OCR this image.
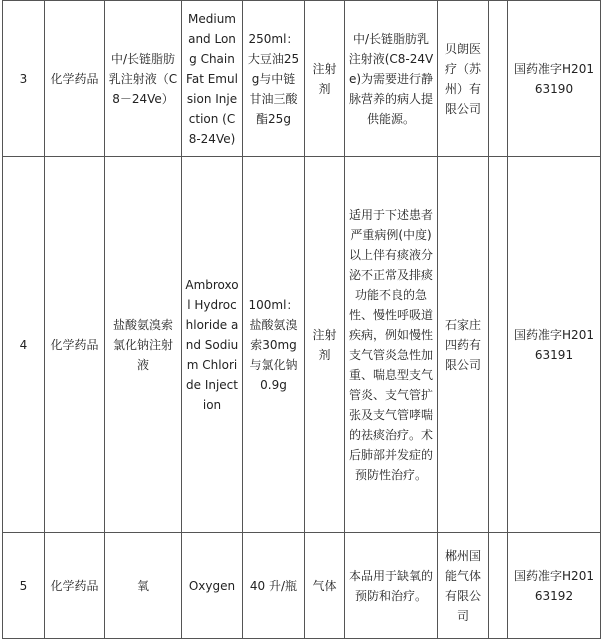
3	化学药品	中/长链脂肪乳注射液（C8－24Ve）	Medium and Long Chain Fat Emulsion Injection (C8-24Ve)	250ml：大豆油25g与中链甘油三酸酯25g	注射剂	中/长链脂肪乳注射液(C8-24Ve)为需要进行静脉营养的病人提供能源。	贝朗医疗（苏州）有限公司		国药准字H20163190
4	化学药品	盐酸氨溴索氯化钠注射液	Ambroxol Hydrochloride and Sodium Chloride Injection	100ml：盐酸氨溴索30mg与氯化钠0.9g	注射剂	适用于下述患者严重病例(中度)以上伴有痰液分泌不正常及排痰功能不良的急性、慢性呼吸道疾病，例如慢性支气管炎急性加重、喘息型支气管炎、支气管扩张及支气管哮喘的祛痰治疗。术后肺部并发症的预防性治疗。	石家庄四药有限公司		国药准字H20163191
5	化学药品	氧	Oxygen	40 升/瓶	气体	本品用于缺氧的预防和治疗。	郴州国能气体有限公司		国药准字H20163192
